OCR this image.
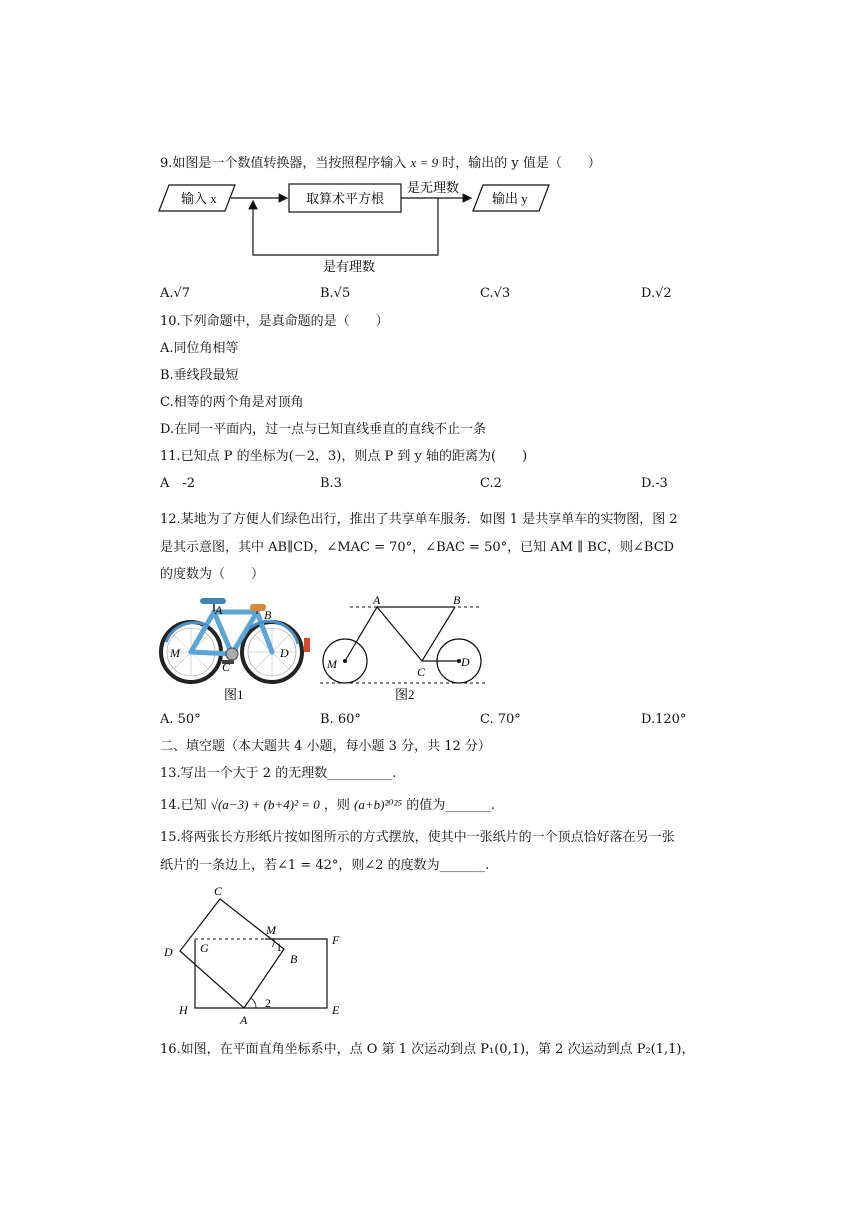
9.如图是一个数值转换器，当按照程序输入 x = 9 时，输出的 y 值是（　　）
输入 x	取算术平方根
是无理数
输出 y
是有理数
A.√7	B.√5	C.√3	D.√2
10.下列命题中，是真命题的是（　　）
A.同位角相等
B.垂线段最短
C.相等的两个角是对顶角
D.在同一平面内，过一点与已知直线垂直的直线不止一条
11.已知点 P 的坐标为(－2，3)，则点 P 到 y 轴的距离为(　　)
A　-2	B.3	C.2	D.-3
12.某地为了方便人们绿色出行，推出了共享单车服务．如图 1 是共享单车的实物图，图 2
是其示意图，其中 AB∥CD，∠MAC = 70°，∠BAC = 50°，已知 AM ∥ BC，则∠BCD
的度数为（　　）
A	B
M
C
D
图1
A	B
M
C
D
图2
A. 50°	B. 60°	C. 70°	D.120°
二、填空题（本大题共 4 小题，每小题 3 分，共 12 分）
13.写出一个大于 2 的无理数__________.
14.已知 √(a−3) + (b+4)² = 0 ，则 (a+b)²⁰²⁵ 的值为_______.
15.将两张长方形纸片按如图所示的方式摆放，使其中一张纸片的一个顶点恰好落在另一张
纸片的一条边上，若∠1 = 42°，则∠2 的度数为_______.
C
M
F
D G	1
B
H	2
A
E
16.如图，在平面直角坐标系中，点 O 第 1 次运动到点 P₁(0,1)，第 2 次运动到点 P₂(1,1)，
